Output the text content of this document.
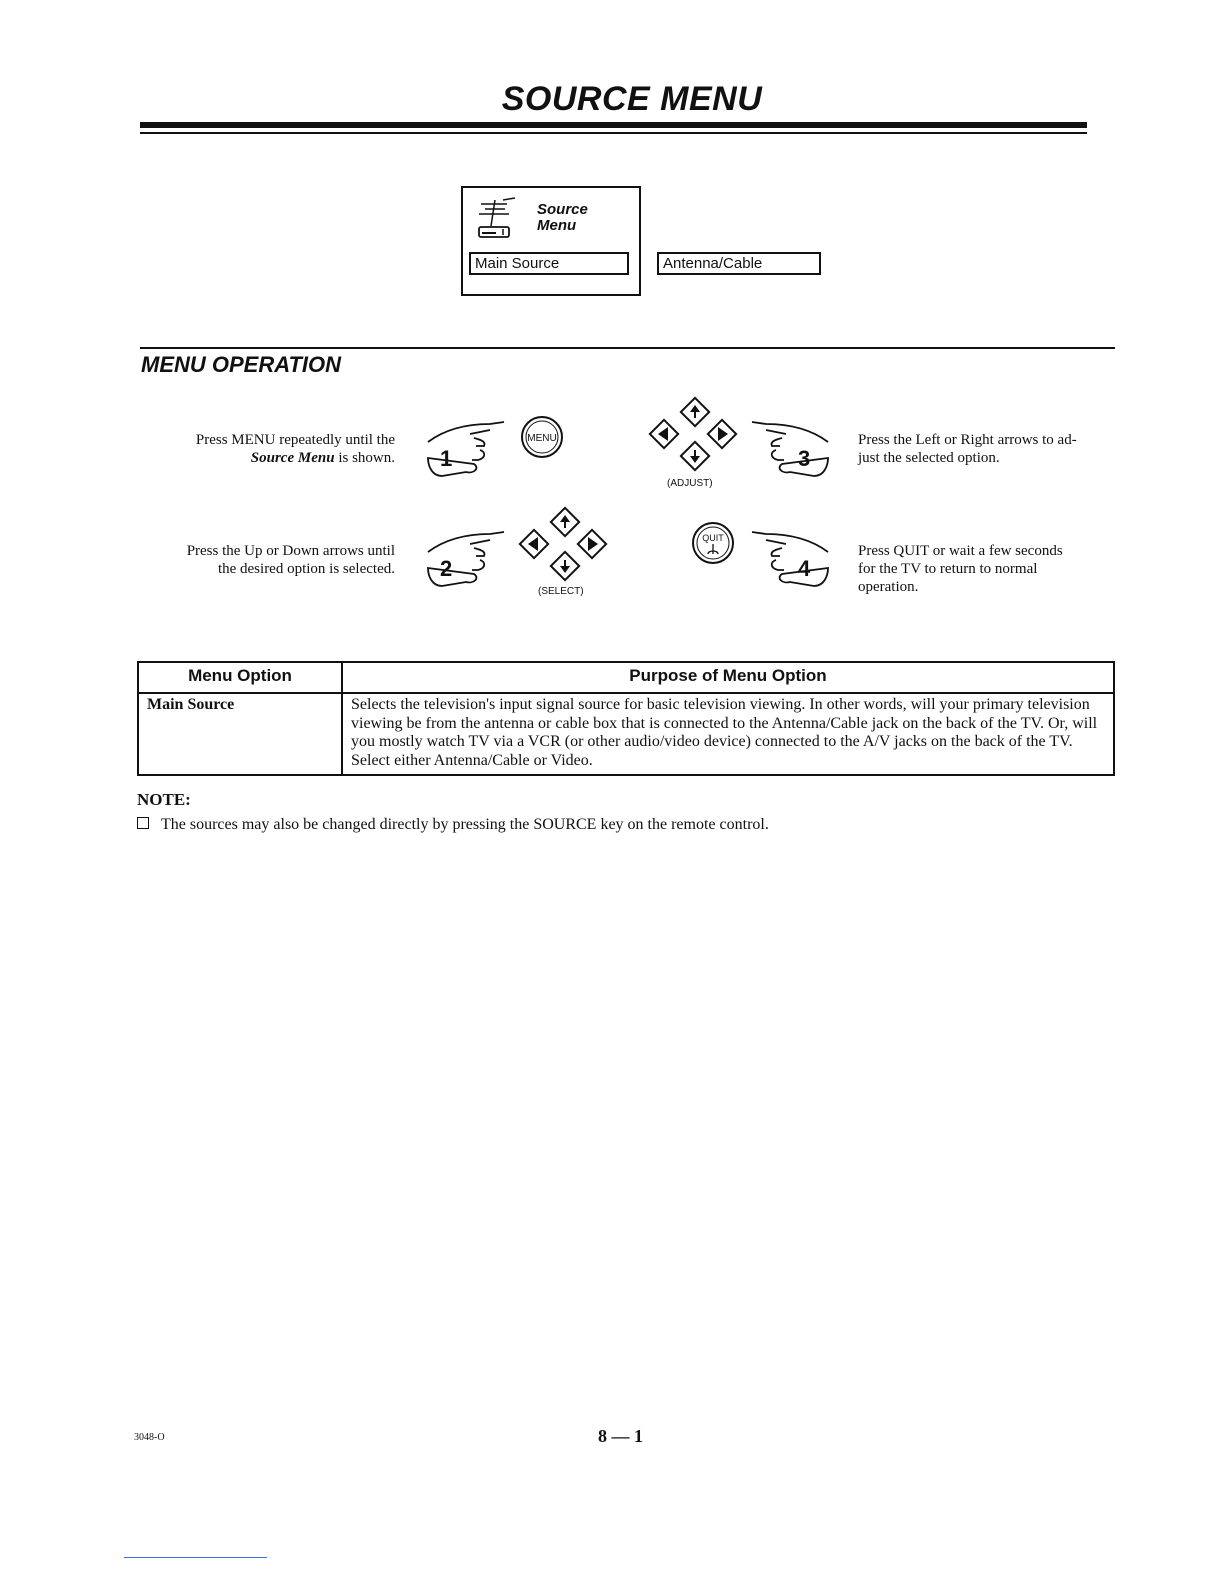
SOURCE MENU
Source
Menu
Main Source	Antenna/Cable
MENU OPERATION
Press MENU repeatedly until the
Source Menu is shown.
Press the Up or Down arrows until
the desired option is selected.
Press the Left or Right arrows to ad-
just the selected option.
Press QUIT or wait a few seconds
for the TV to return to normal
operation.
1
2
3
4
MENU
QUIT
(ADJUST)
(SELECT)
Menu Option	Purpose of Menu Option
Main Source	Selects the television's input signal source for basic television viewing. In other words, will your primary television viewing be from the antenna or cable box that is connected to the Antenna/Cable jack on the back of the TV. Or, will you mostly watch TV via a VCR (or other audio/video device) connected to the A/V jacks on the back of the TV. Select either Antenna/Cable or Video.
NOTE:
The sources may also be changed directly by pressing the SOURCE key on the remote control.
3048-O	8 — 1
